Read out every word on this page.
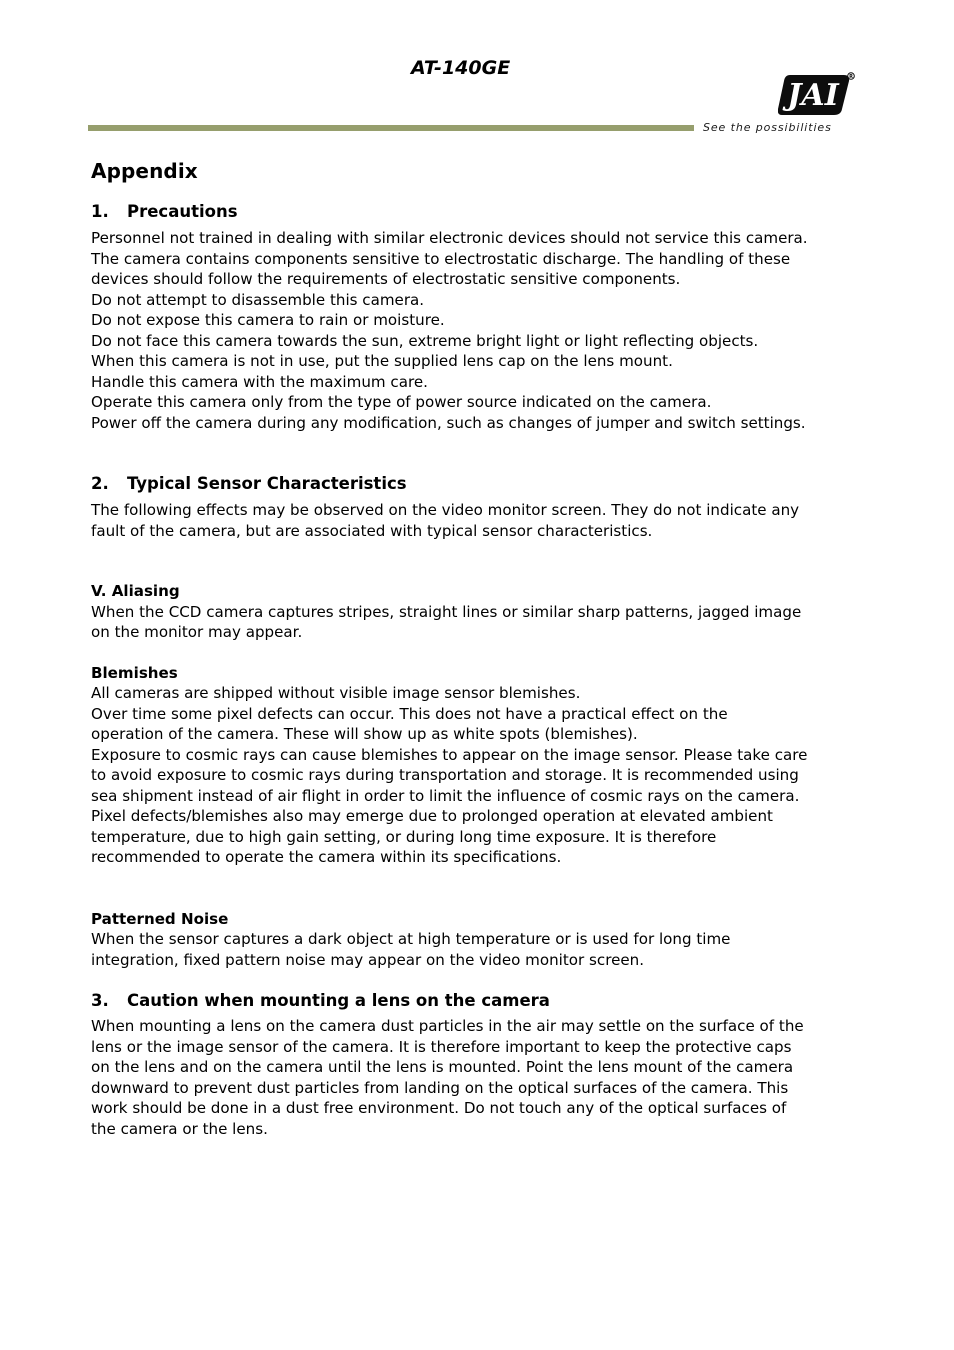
AT-140GE
JAI
R
See the possibilities
Appendix
1. Precautions

Personnel not trained in dealing with similar electronic devices should not service this camera.
The camera contains components sensitive to electrostatic discharge. The handling of these
devices should follow the requirements of electrostatic sensitive components.
Do not attempt to disassemble this camera.
Do not expose this camera to rain or moisture.
Do not face this camera towards the sun, extreme bright light or light reflecting objects.
When this camera is not in use, put the supplied lens cap on the lens mount.
Handle this camera with the maximum care.
Operate this camera only from the type of power source indicated on the camera.
Power off the camera during any modification, such as changes of jumper and switch settings.

2. Typical Sensor Characteristics

The following effects may be observed on the video monitor screen. They do not indicate any
fault of the camera, but are associated with typical sensor characteristics.

V. Aliasing

When the CCD camera captures stripes, straight lines or similar sharp patterns, jagged image
on the monitor may appear.

Blemishes

All cameras are shipped without visible image sensor blemishes.
Over time some pixel defects can occur. This does not have a practical effect on the
operation of the camera. These will show up as white spots (blemishes).
Exposure to cosmic rays can cause blemishes to appear on the image sensor. Please take care
to avoid exposure to cosmic rays during transportation and storage. It is recommended using
sea shipment instead of air flight in order to limit the influence of cosmic rays on the camera.
Pixel defects/blemishes also may emerge due to prolonged operation at elevated ambient
temperature, due to high gain setting, or during long time exposure. It is therefore
recommended to operate the camera within its specifications.

Patterned Noise

When the sensor captures a dark object at high temperature or is used for long time
integration, fixed pattern noise may appear on the video monitor screen.

3. Caution when mounting a lens on the camera

When mounting a lens on the camera dust particles in the air may settle on the surface of the
lens or the image sensor of the camera. It is therefore important to keep the protective caps
on the lens and on the camera until the lens is mounted. Point the lens mount of the camera
downward to prevent dust particles from landing on the optical surfaces of the camera. This
work should be done in a dust free environment. Do not touch any of the optical surfaces of
the camera or the lens.
